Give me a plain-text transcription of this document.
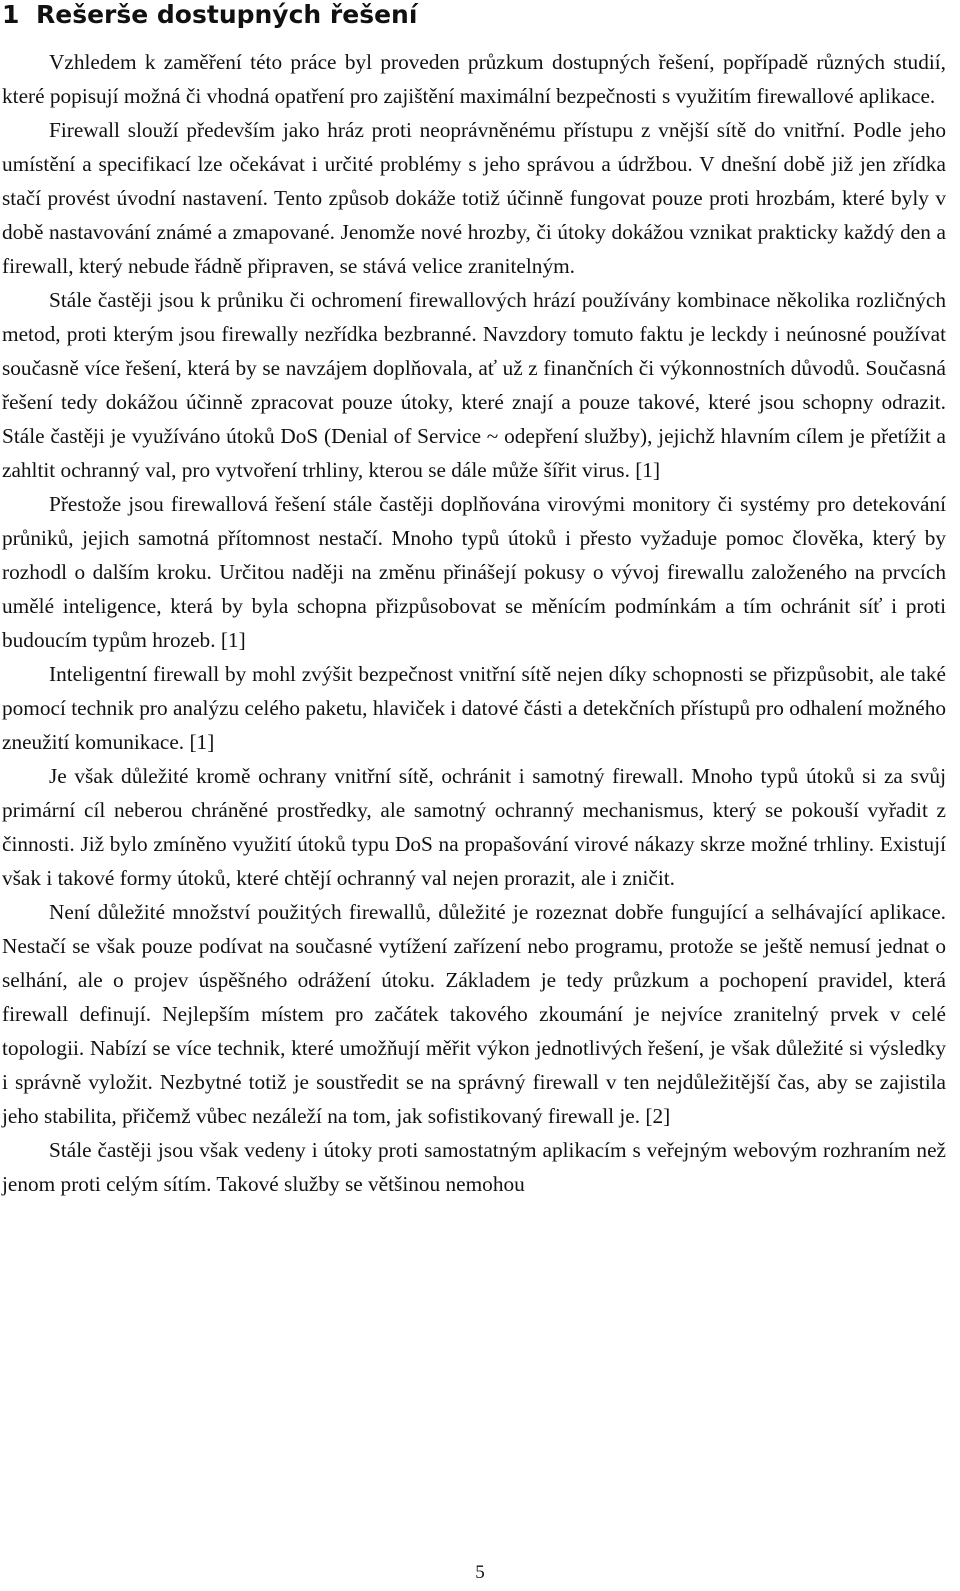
1 Rešerše dostupných řešení

Vzhledem k zaměření této práce byl proveden průzkum dostupných řešení, popřípadě různých studií, které popisují možná či vhodná opatření pro zajištění maximální bezpečnosti s využitím firewallové aplikace.

Firewall slouží především jako hráz proti neoprávněnému přístupu z vnější sítě do vnitřní. Podle jeho umístění a specifikací lze očekávat i určité problémy s jeho správou a údržbou. V dnešní době již jen zřídka stačí provést úvodní nastavení. Tento způsob dokáže totiž účinně fungovat pouze proti hrozbám, které byly v době nastavování známé a zmapované. Jenomže nové hrozby, či útoky dokážou vznikat prakticky každý den a firewall, který nebude řádně připraven, se stává velice zranitelným.

Stále častěji jsou k průniku či ochromení firewallových hrází používány kombinace několika rozličných metod, proti kterým jsou firewally nezřídka bezbranné. Navzdory tomuto faktu je leckdy i neúnosné používat současně více řešení, která by se navzájem doplňovala, ať už z finančních či výkonnostních důvodů. Současná řešení tedy dokážou účinně zpracovat pouze útoky, které znají a pouze takové, které jsou schopny odrazit. Stále častěji je využíváno útoků DoS (Denial of Service ~ odepření služby), jejichž hlavním cílem je přetížit a zahltit ochranný val, pro vytvoření trhliny, kterou se dále může šířit virus. [1]

Přestože jsou firewallová řešení stále častěji doplňována virovými monitory či systémy pro detekování průniků, jejich samotná přítomnost nestačí. Mnoho typů útoků i přesto vyžaduje pomoc člověka, který by rozhodl o dalším kroku. Určitou naději na změnu přinášejí pokusy o vývoj firewallu založeného na prvcích umělé inteligence, která by byla schopna přizpůsobovat se měnícím podmínkám a tím ochránit síť i proti budoucím typům hrozeb. [1]

Inteligentní firewall by mohl zvýšit bezpečnost vnitřní sítě nejen díky schopnosti se přizpůsobit, ale také pomocí technik pro analýzu celého paketu, hlaviček i datové části a detekčních přístupů pro odhalení možného zneužití komunikace. [1]

Je však důležité kromě ochrany vnitřní sítě, ochránit i samotný firewall. Mnoho typů útoků si za svůj primární cíl neberou chráněné prostředky, ale samotný ochranný mechanismus, který se pokouší vyřadit z činnosti. Již bylo zmíněno využití útoků typu DoS na propašování virové nákazy skrze možné trhliny. Existují však i takové formy útoků, které chtějí ochranný val nejen prorazit, ale i zničit.

Není důležité množství použitých firewallů, důležité je rozeznat dobře fungující a selhávající aplikace. Nestačí se však pouze podívat na současné vytížení zařízení nebo programu, protože se ještě nemusí jednat o selhání, ale o projev úspěšného odrážení útoku. Základem je tedy průzkum a pochopení pravidel, která firewall definují. Nejlepším místem pro začátek takového zkoumání je nejvíce zranitelný prvek v celé topologii. Nabízí se více technik, které umožňují měřit výkon jednotlivých řešení, je však důležité si výsledky i správně vyložit. Nezbytné totiž je soustředit se na správný firewall v ten nejdůležitější čas, aby se zajistila jeho stabilita, přičemž vůbec nezáleží na tom, jak sofistikovaný firewall je. [2]

Stále častěji jsou však vedeny i útoky proti samostatným aplikacím s veřejným webovým rozhraním než jenom proti celým sítím. Takové služby se většinou nemohou

5
